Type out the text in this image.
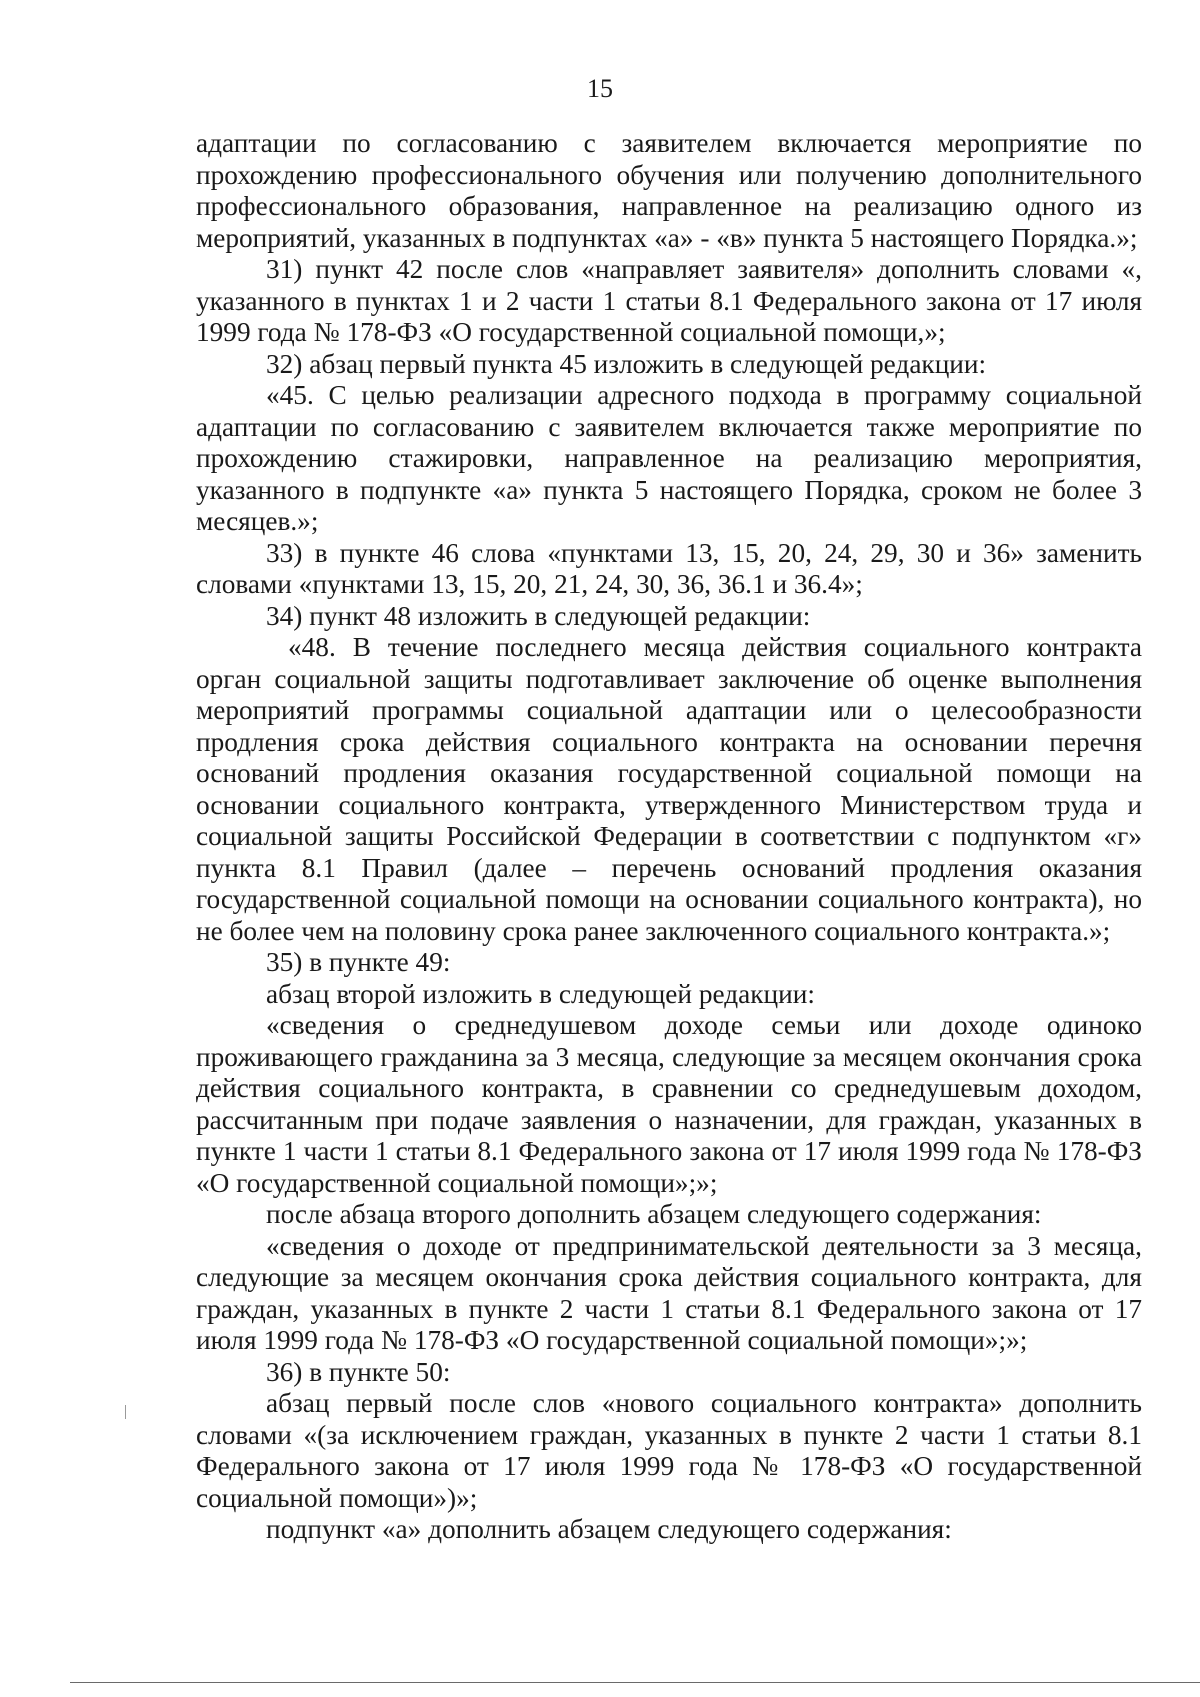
15

адаптации по согласованию с заявителем включается мероприятие по прохождению профессионального обучения или получению дополнительного профессионального образования, направленное на реализацию одного из мероприятий, указанных в подпунктах «а» - «в» пункта 5 настоящего Порядка.»;

31) пункт 42 после слов «направляет заявителя» дополнить словами «, указанного в пунктах 1 и 2 части 1 статьи 8.1 Федерального закона от 17 июля 1999 года № 178-ФЗ «О государственной социальной помощи,»;

32) абзац первый пункта 45 изложить в следующей редакции:

«45. С целью реализации адресного подхода в программу социальной адаптации по согласованию с заявителем включается также мероприятие по прохождению стажировки, направленное на реализацию мероприятия, указанного в подпункте «а» пункта 5 настоящего Порядка, сроком не более 3 месяцев.»;

33) в пункте 46 слова «пунктами 13, 15, 20, 24, 29, 30 и 36» заменить словами «пунктами 13, 15, 20, 21, 24, 30, 36, 36.1 и 36.4»;

34) пункт 48 изложить в следующей редакции:

«48. В течение последнего месяца действия социального контракта орган социальной защиты подготавливает заключение об оценке выполнения мероприятий программы социальной адаптации или о целесообразности продления срока действия социального контракта на основании перечня оснований продления оказания государственной социальной помощи на основании социального контракта, утвержденного Министерством труда и социальной защиты Российской Федерации в соответствии с подпунктом «г» пункта 8.1 Правил (далее – перечень оснований продления оказания государственной социальной помощи на основании социального контракта), но не более чем на половину срока ранее заключенного социального контракта.»;

35) в пункте 49:

абзац второй изложить в следующей редакции:

«сведения о среднедушевом доходе семьи или доходе одиноко проживающего гражданина за 3 месяца, следующие за месяцем окончания срока действия социального контракта, в сравнении со среднедушевым доходом, рассчитанным при подаче заявления о назначении, для граждан, указанных в пункте 1 части 1 статьи 8.1 Федерального закона от 17 июля 1999 года № 178-ФЗ «О государственной социальной помощи»;»;

после абзаца второго дополнить абзацем следующего содержания:

«сведения о доходе от предпринимательской деятельности за 3 месяца, следующие за месяцем окончания срока действия социального контракта, для граждан, указанных в пункте 2 части 1 статьи 8.1 Федерального закона от 17 июля 1999 года № 178-ФЗ «О государственной социальной помощи»;»;

36) в пункте 50:

абзац первый после слов «нового социального контракта» дополнить словами «(за исключением граждан, указанных в пункте 2 части 1 статьи 8.1 Федерального закона от 17 июля 1999 года № 178-ФЗ «О государственной социальной помощи»)»;

подпункт «а» дополнить абзацем следующего содержания:
